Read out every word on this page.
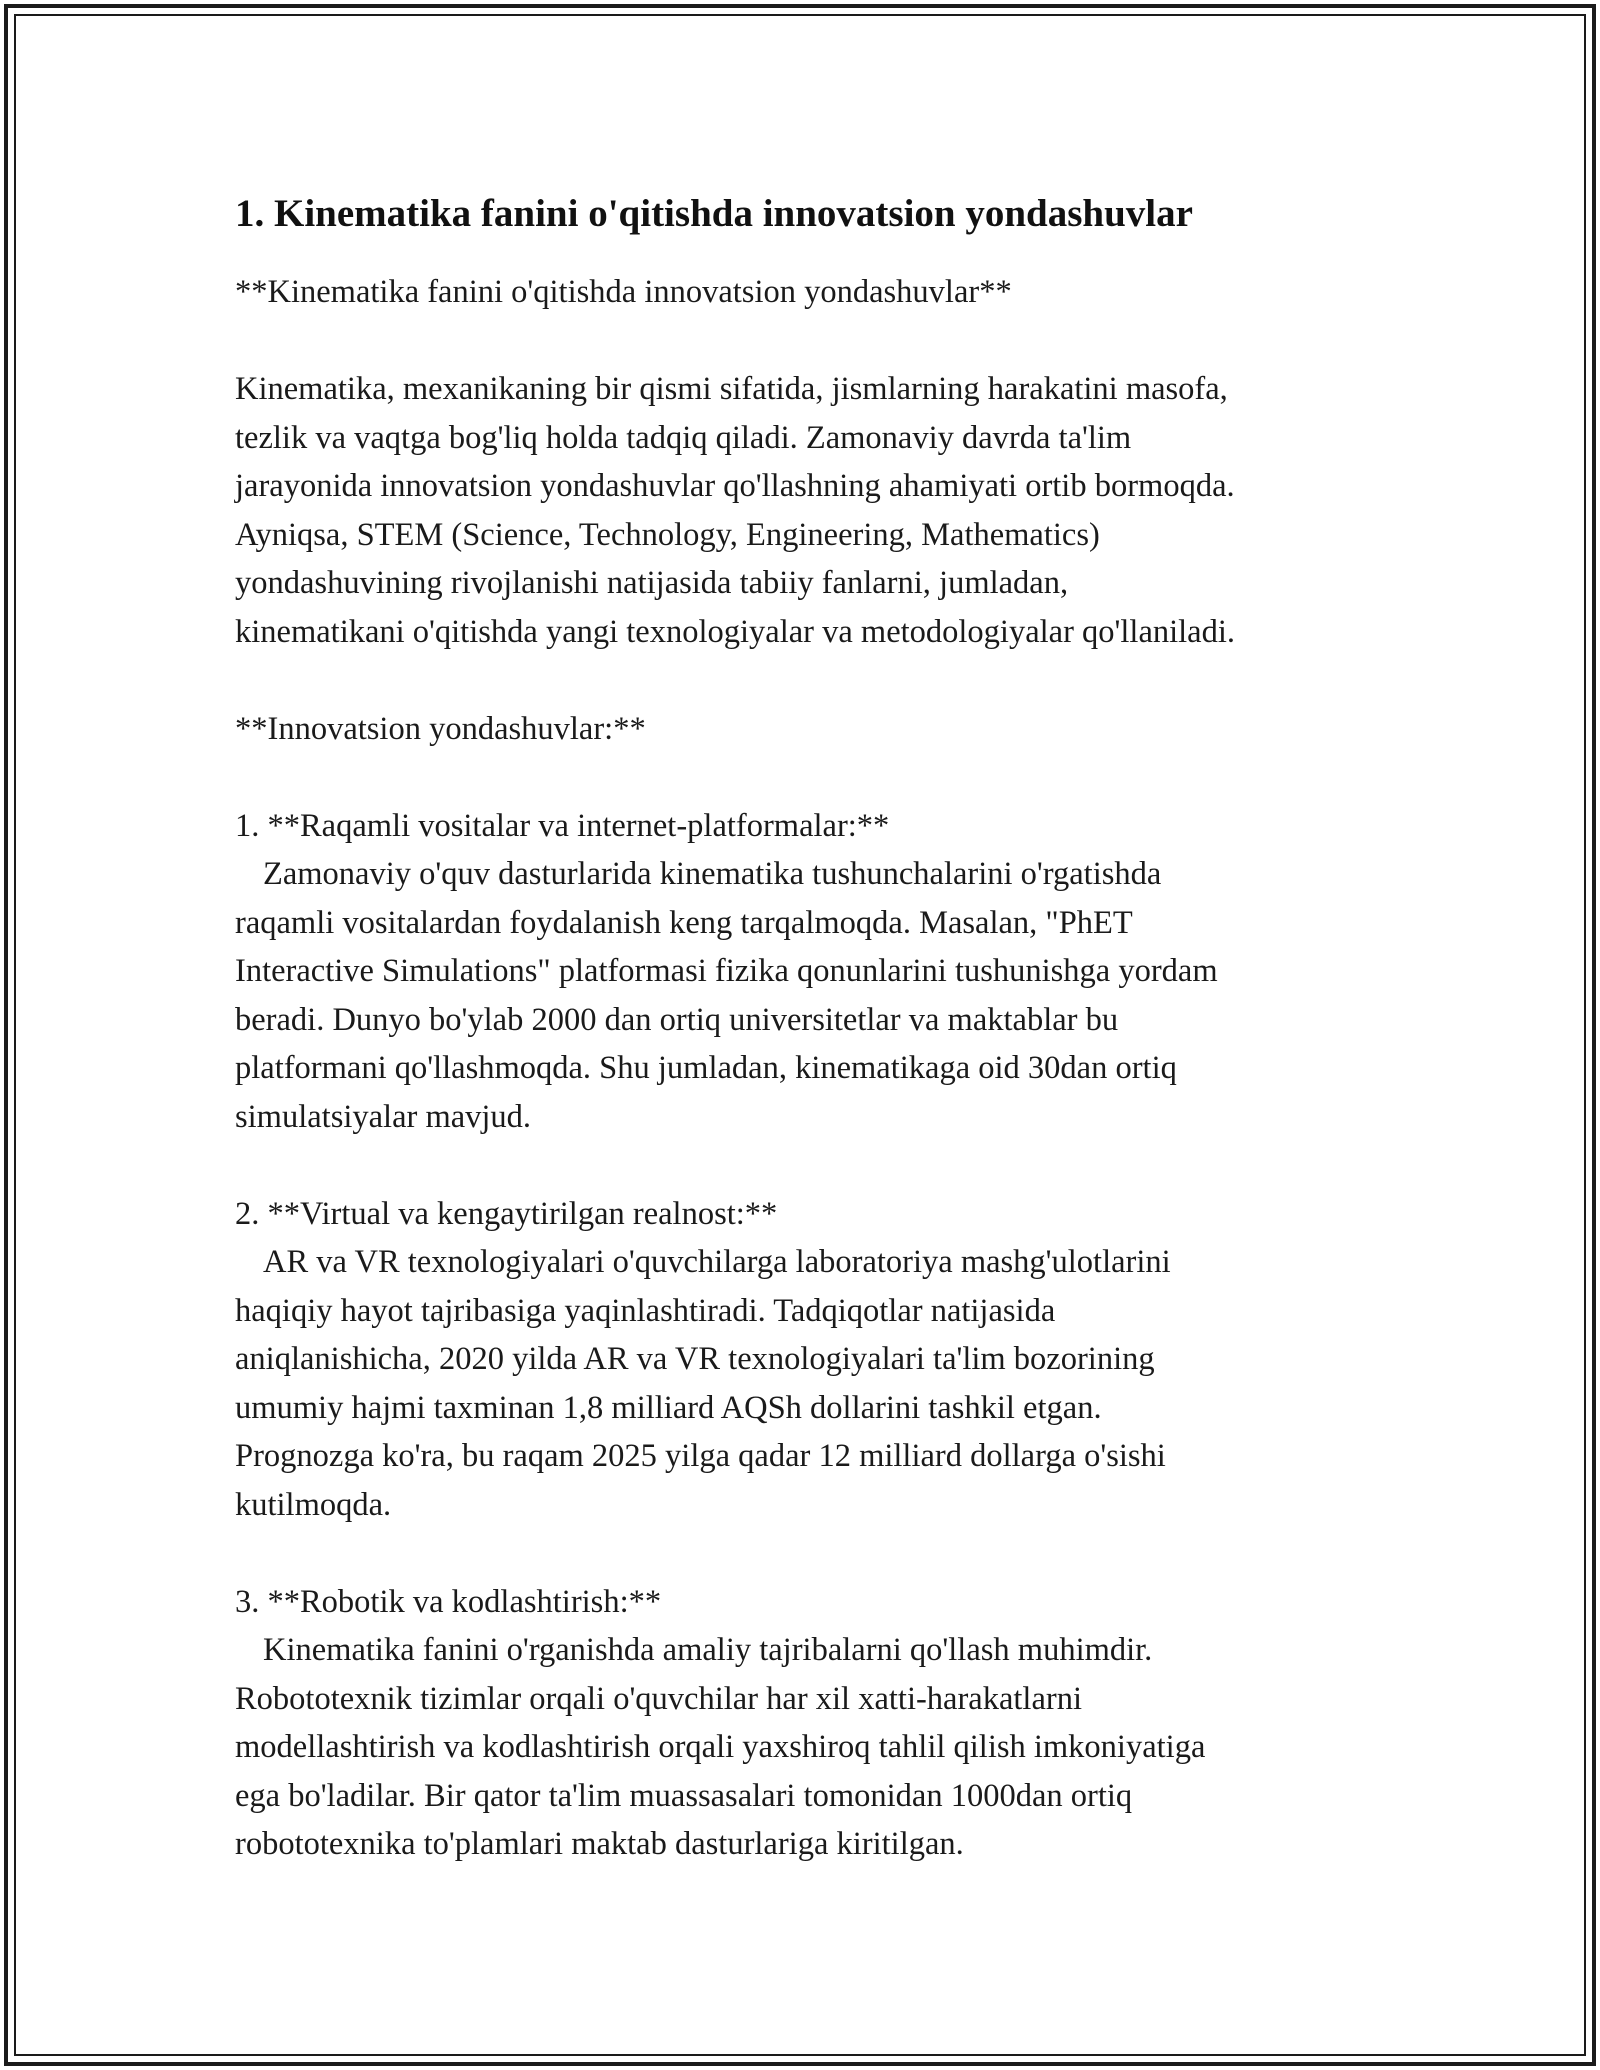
1. Kinematika fanini o'qitishda innovatsion yondashuvlar

**Kinematika fanini o'qitishda innovatsion yondashuvlar**

Kinematika, mexanikaning bir qismi sifatida, jismlarning harakatini masofa,
tezlik va vaqtga bog'liq holda tadqiq qiladi. Zamonaviy davrda ta'lim
jarayonida innovatsion yondashuvlar qo'llashning ahamiyati ortib bormoqda.
Ayniqsa, STEM (Science, Technology, Engineering, Mathematics)
yondashuvining rivojlanishi natijasida tabiiy fanlarni, jumladan,
kinematikani o'qitishda yangi texnologiyalar va metodologiyalar qo'llaniladi.

**Innovatsion yondashuvlar:**

1. **Raqamli vositalar va internet-platformalar:**
Zamonaviy o'quv dasturlarida kinematika tushunchalarini o'rgatishda
raqamli vositalardan foydalanish keng tarqalmoqda. Masalan, "PhET
Interactive Simulations" platformasi fizika qonunlarini tushunishga yordam
beradi. Dunyo bo'ylab 2000 dan ortiq universitetlar va maktablar bu
platformani qo'llashmoqda. Shu jumladan, kinematikaga oid 30dan ortiq
simulatsiyalar mavjud.
2. **Virtual va kengaytirilgan realnost:**
AR va VR texnologiyalari o'quvchilarga laboratoriya mashg'ulotlarini
haqiqiy hayot tajribasiga yaqinlashtiradi. Tadqiqotlar natijasida
aniqlanishicha, 2020 yilda AR va VR texnologiyalari ta'lim bozorining
umumiy hajmi taxminan 1,8 milliard AQSh dollarini tashkil etgan.
Prognozga ko'ra, bu raqam 2025 yilga qadar 12 milliard dollarga o'sishi
kutilmoqda.
3. **Robotik va kodlashtirish:**
Kinematika fanini o'rganishda amaliy tajribalarni qo'llash muhimdir.
Robototexnik tizimlar orqali o'quvchilar har xil xatti-harakatlarni
modellashtirish va kodlashtirish orqali yaxshiroq tahlil qilish imkoniyatiga
ega bo'ladilar. Bir qator ta'lim muassasalari tomonidan 1000dan ortiq
robototexnika to'plamlari maktab dasturlariga kiritilgan.
